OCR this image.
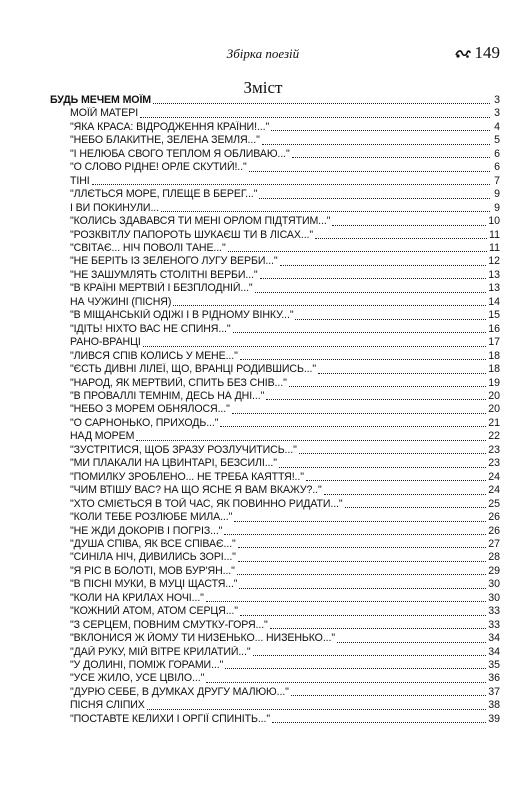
Збірка поезій	149
Зміст
БУДЬ МЕЧЕМ МОЇМ	3
МОЇЙ МАТЕРІ	3
"ЯКА КРАСА: ВІДРОДЖЕННЯ КРАЇНИ!..."	4
"НЕБО БЛАКИТНЕ, ЗЕЛЕНА ЗЕМЛЯ..."	5
"І НЕЛЮБА СВОГО ТЕПЛОМ Я ОБЛИВАЮ..."	6
"О СЛОВО РІДНЕ! ОРЛЕ СКУТИЙ!.."	6
ТІНІ	7
"ЛЛЄТЬСЯ МОРЕ, ПЛЕЩЕ В БЕРЕГ..."	9
І ВИ ПОКИНУЛИ...	9
"КОЛИСЬ ЗДАВАВСЯ ТИ МЕНІ ОРЛОМ ПІДТЯТИМ..."	10
"РОЗКВІТЛУ ПАПОРОТЬ ШУКАЄШ ТИ В ЛІСАХ..."	11
"СВІТАЄ... НІЧ ПОВОЛІ ТАНЕ..."	11
"НЕ БЕРІТЬ ІЗ ЗЕЛЕНОГО ЛУГУ ВЕРБИ..."	12
"НЕ ЗАШУМЛЯТЬ СТОЛІТНІ ВЕРБИ..."	13
"В КРАЇНІ МЕРТВІЙ І БЕЗПЛОДНІЙ..."	13
НА ЧУЖИНІ (ПІСНЯ)	14
"В МІЩАНСЬКІЙ ОДІЖІ І В РІДНОМУ ВІНКУ..."	15
"ІДІТЬ! НІХТО ВАС НЕ СПИНЯ..."	16
РАНО-ВРАНЦІ	17
"ЛИВСЯ СПІВ КОЛИСЬ У МЕНЕ..."	18
"ЄСТЬ ДИВНІ ЛІЛЕЇ, ЩО, ВРАНЦІ РОДИВШИСЬ..."	18
"НАРОД, ЯК МЕРТВИЙ, СПИТЬ БЕЗ СНІВ..."	19
"В ПРОВАЛЛІ ТЕМНІМ, ДЕСЬ НА ДНІ..."	20
"НЕБО З МОРЕМ ОБНЯЛОСЯ..."	20
"О САРНОНЬКО, ПРИХОДЬ..."	21
НАД МОРЕМ	22
"ЗУСТРІТИСЯ, ЩОБ ЗРАЗУ РОЗЛУЧИТИСЬ..."	23
"МИ ПЛАКАЛИ НА ЦВИНТАРІ, БЕЗСИЛІ..."	23
"ПОМИЛКУ ЗРОБЛЕНО... НЕ ТРЕБА КАЯТТЯ!.."	24
"ЧИМ ВТІШУ ВАС? НА ЩО ЯСНЕ Я ВАМ ВКАЖУ?.."	24
"ХТО СМІЄТЬСЯ В ТОЙ ЧАС, ЯК ПОВИННО РИДАТИ..."	25
"КОЛИ ТЕБЕ РОЗЛЮБЕ МИЛА..."	26
"НЕ ЖДИ ДОКОРІВ І ПОГРІЗ..."	26
"ДУША СПІВА, ЯК ВСЕ СПІВАЄ..."	27
"СИНІЛА НІЧ, ДИВИЛИСЬ ЗОРІ..."	28
"Я РІС В БОЛОТІ, МОВ БУР'ЯН..."	29
"В ПІСНІ МУКИ, В МУЦІ ЩАСТЯ..."	30
"КОЛИ НА КРИЛАХ НОЧІ..."	30
"КОЖНИЙ АТОМ, АТОМ СЕРЦЯ..."	33
"З СЕРЦЕМ, ПОВНИМ СМУТКУ-ГОРЯ..."	33
"ВКЛОНИСЯ Ж ЙОМУ ТИ НИЗЕНЬКО... НИЗЕНЬКО..."	34
"ДАЙ РУКУ, МІЙ ВІТРЕ КРИЛАТИЙ..."	34
"У ДОЛИНІ, ПОМІЖ ГОРАМИ..."	35
"УСЕ ЖИЛО, УСЕ ЦВІЛО..."	36
"ДУРЮ СЕБЕ, В ДУМКАХ ДРУГУ МАЛЮЮ..."	37
ПІСНЯ СЛІПИХ	38
"ПОСТАВТЕ КЕЛИХИ І ОРГІЇ СПИНІТЬ..."	39
